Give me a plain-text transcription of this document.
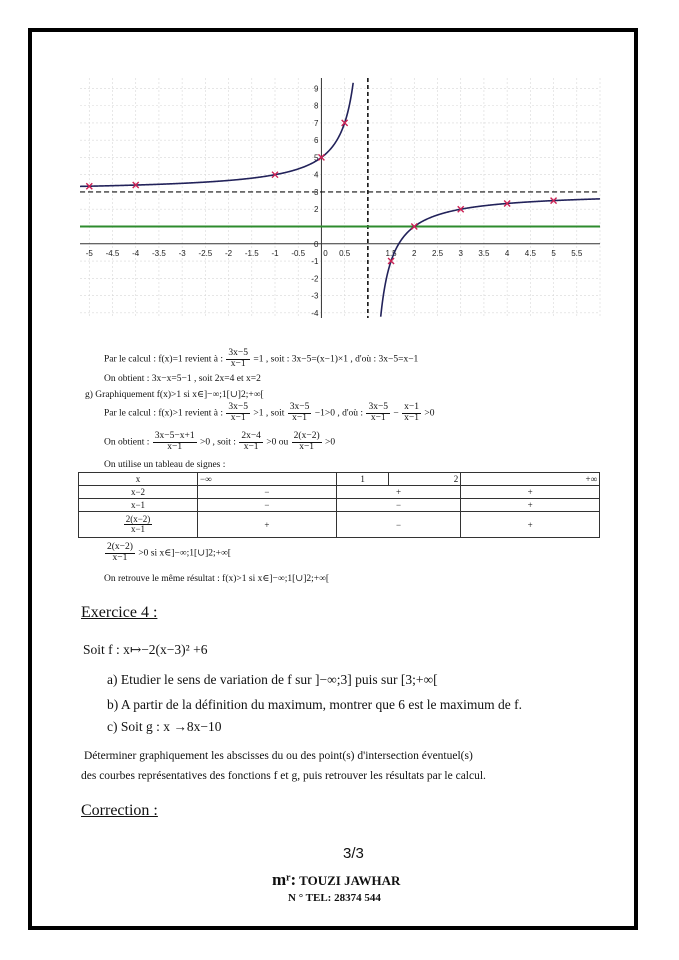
-5 -4.5 -4 -3.5 -3 -2.5 -2 -1.5 -1 -0.5 0 0.5	1.5 2 2.5 3 3.5 4 4.5 5 5.5
9
8
7
6
5
4
3
2
0
-1
-2
-3
-4
Par le calcul : f(x)=1 revient à : $\frac{3x-5}{x-1} =1$ , soit : 3x−5=(x−1)×1 , d'où : 3x−5=x−1
On obtient : 3x−x=5−1 , soit 2x=4 et x=2
g) Graphiquement f(x)>1 si x∈]−∞;1[∪]2;+∞[
Par le calcul : f(x)>1 revient à : $\frac{3x-5}{x-1} >1$ , soit $\frac{3x-5}{x-1} -1>0$ , d'où : $\frac{3x-5}{x-1} - \frac{x-1}{x-1} >0$
On obtient : $\frac{3x-5-x+1}{x-1} >0$ , soit : $\frac{2x-4}{x-1} >0$ ou $\frac{2(x-2)}{x-1} >0$
On utilise un tableau de signes :
x	−∞	1	2	+∞
x−2	−	+		+
x−1	−	−		+

$\frac{2(x-2)}{x-1}$	+	−		+
$\frac{2(x-2)}{x-1} >0$ si x∈]−∞;1[∪]2;+∞[
On retrouve le même résultat : f(x)>1 si x∈]−∞;1[∪]2;+∞[
Exercice 4 :
Soit f : x↦−2(x−3)² +6
a) Etudier le sens de variation de f sur ]−∞;3] puis sur [3;+∞[
b) A partir de la définition du maximum, montrer que 6 est le maximum de f.
c) Soit g : x →8x−10
Déterminer graphiquement les abscisses du ou des point(s) d'intersection éventuel(s)
des courbes représentatives des fonctions f et g, puis retrouver les résultats par le calcul.
Correction :
3/3
mʳ: TOUZI JAWHAR
N ° TEL: 28374 544
